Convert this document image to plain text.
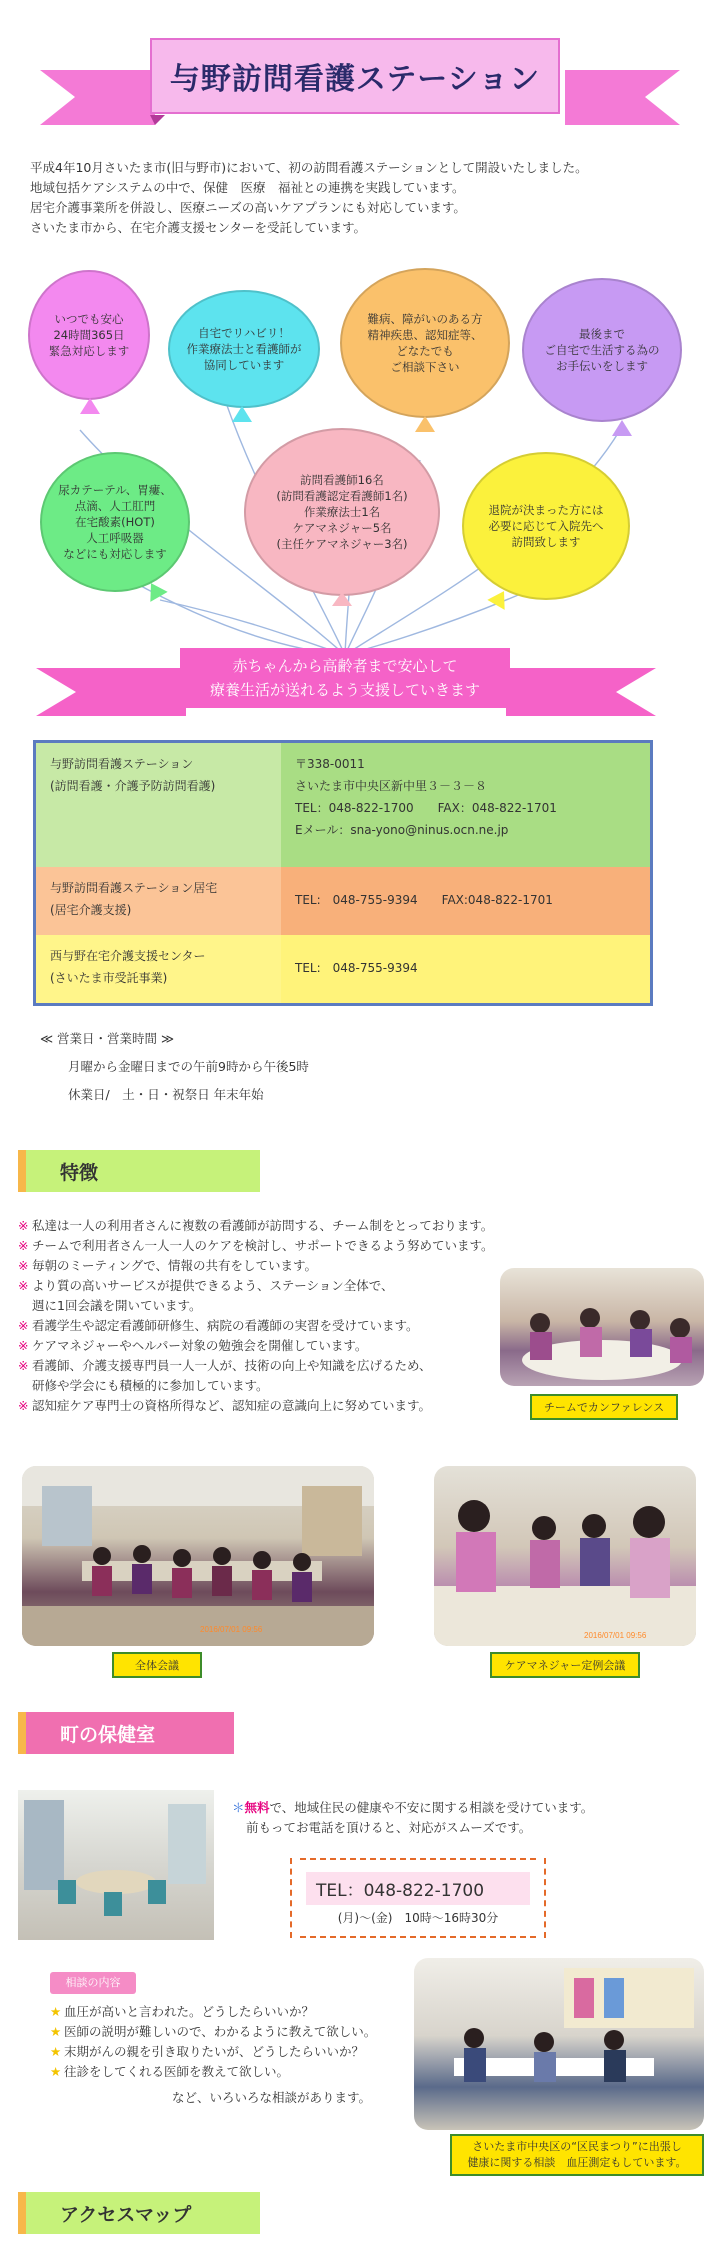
与野訪問看護ステーション

平成4年10月さいたま市(旧与野市)において、初の訪問看護ステーションとして開設いたしました。

地域包括ケアシステムの中で、保健　医療　福祉との連携を実践しています。

居宅介護事業所を併設し、医療ニーズの高いケアプランにも対応しています。

さいたま市から、在宅介護支援センターを受託しています。

いつでも安心
24時間365日
緊急対応します
自宅でリハビリ！
作業療法士と看護師が
協同しています
難病、障がいのある方
精神疾患、認知症等、
どなたでも
ご相談下さい
最後まで
ご自宅で生活する為の
お手伝いをします
尿カテーテル、胃瘻、
点滴、人工肛門
在宅酸素(HOT)
人工呼吸器
などにも対応します
訪問看護師16名
(訪問看護認定看護師1名)
作業療法士1名
ケアマネジャー5名
(主任ケアマネジャー3名)
退院が決まった方には
必要に応じて入院先へ
訪問致します
赤ちゃんから高齢者まで安心して
療養生活が送れるよう支援していきます
与野訪問看護ステーション
(訪問看護・介護予防訪問看護)
〒338-0011
さいたま市中央区新中里３－３－８
TEL：048-822-1700　　FAX：048-822-1701
Eメール：sna-yono@ninus.ocn.ne.jp
与野訪問看護ステーション居宅
(居宅介護支援)
TEL:　048-755-9394　　FAX:048-822-1701
西与野在宅介護支援センター
(さいたま市受託事業)
TEL:　048-755-9394
≪ 営業日・営業時間 ≫
月曜から金曜日までの午前9時から午後5時
休業日/　土・日・祝祭日 年末年始
特徴
※ 私達は一人の利用者さんに複数の看護師が訪問する、チーム制をとっております。
※ チームで利用者さん一人一人のケアを検討し、サポートできるよう努めています。
※ 毎朝のミーティングで、情報の共有をしています。
※ より質の高いサービスが提供できるよう、ステーション全体で、
週に1回会議を開いています。
※ 看護学生や認定看護師研修生、病院の看護師の実習を受けています。
※ ケアマネジャーやヘルパー対象の勉強会を開催しています。
※ 看護師、介護支援専門員一人一人が、技術の向上や知識を広げるため、
研修や学会にも積極的に参加しています。
※ 認知症ケア専門士の資格所得など、認知症の意識向上に努めています。	チームでカンファレンス
2016/07/01 09:56
全体会議
2016/07/01 09:56
ケアマネジャー定例会議
町の保健室
＊無料で、地域住民の健康や不安に関する相談を受けています。
前もってお電話を頂けると、対応がスムーズです。
TEL：048-822-1700
(月)～(金)　10時～16時30分
相談の内容
★ 血圧が高いと言われた。どうしたらいいか？
★ 医師の説明が難しいので、わかるように教えて欲しい。
★ 末期がんの親を引き取りたいが、どうしたらいいか？
★ 往診をしてくれる医師を教えて欲しい。
など、いろいろな相談があります。
さいたま市中央区の“区民まつり”に出張し
健康に関する相談　血圧測定もしています。
アクセスマップ
